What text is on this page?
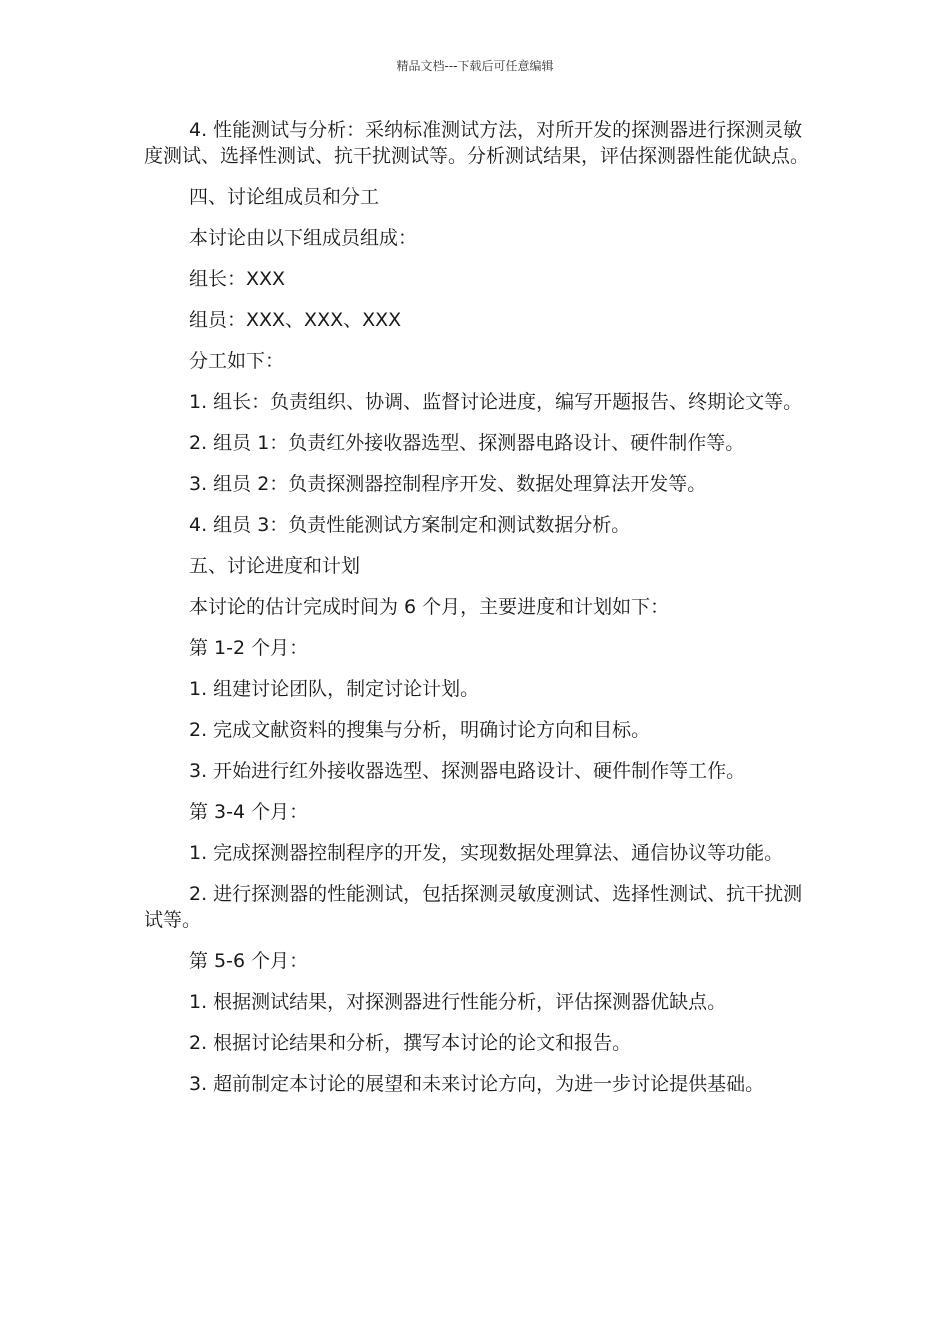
精品文档---下载后可任意编辑

4. 性能测试与分析：采纳标准测试方法，对所开发的探测器进行探测灵敏度测试、选择性测试、抗干扰测试等。分析测试结果，评估探测器性能优缺点。

四、讨论组成员和分工

本讨论由以下组成员组成：

组长：XXX

组员：XXX、XXX、XXX

分工如下：

1. 组长：负责组织、协调、监督讨论进度，编写开题报告、终期论文等。

2. 组员 1：负责红外接收器选型、探测器电路设计、硬件制作等。

3. 组员 2：负责探测器控制程序开发、数据处理算法开发等。

4. 组员 3：负责性能测试方案制定和测试数据分析。

五、讨论进度和计划

本讨论的估计完成时间为 6 个月，主要进度和计划如下：

第 1-2 个月：

1. 组建讨论团队，制定讨论计划。

2. 完成文献资料的搜集与分析，明确讨论方向和目标。

3. 开始进行红外接收器选型、探测器电路设计、硬件制作等工作。

第 3-4 个月：

1. 完成探测器控制程序的开发，实现数据处理算法、通信协议等功能。

2. 进行探测器的性能测试，包括探测灵敏度测试、选择性测试、抗干扰测试等。

第 5-6 个月：

1. 根据测试结果，对探测器进行性能分析，评估探测器优缺点。

2. 根据讨论结果和分析，撰写本讨论的论文和报告。

3. 超前制定本讨论的展望和未来讨论方向，为进一步讨论提供基础。
